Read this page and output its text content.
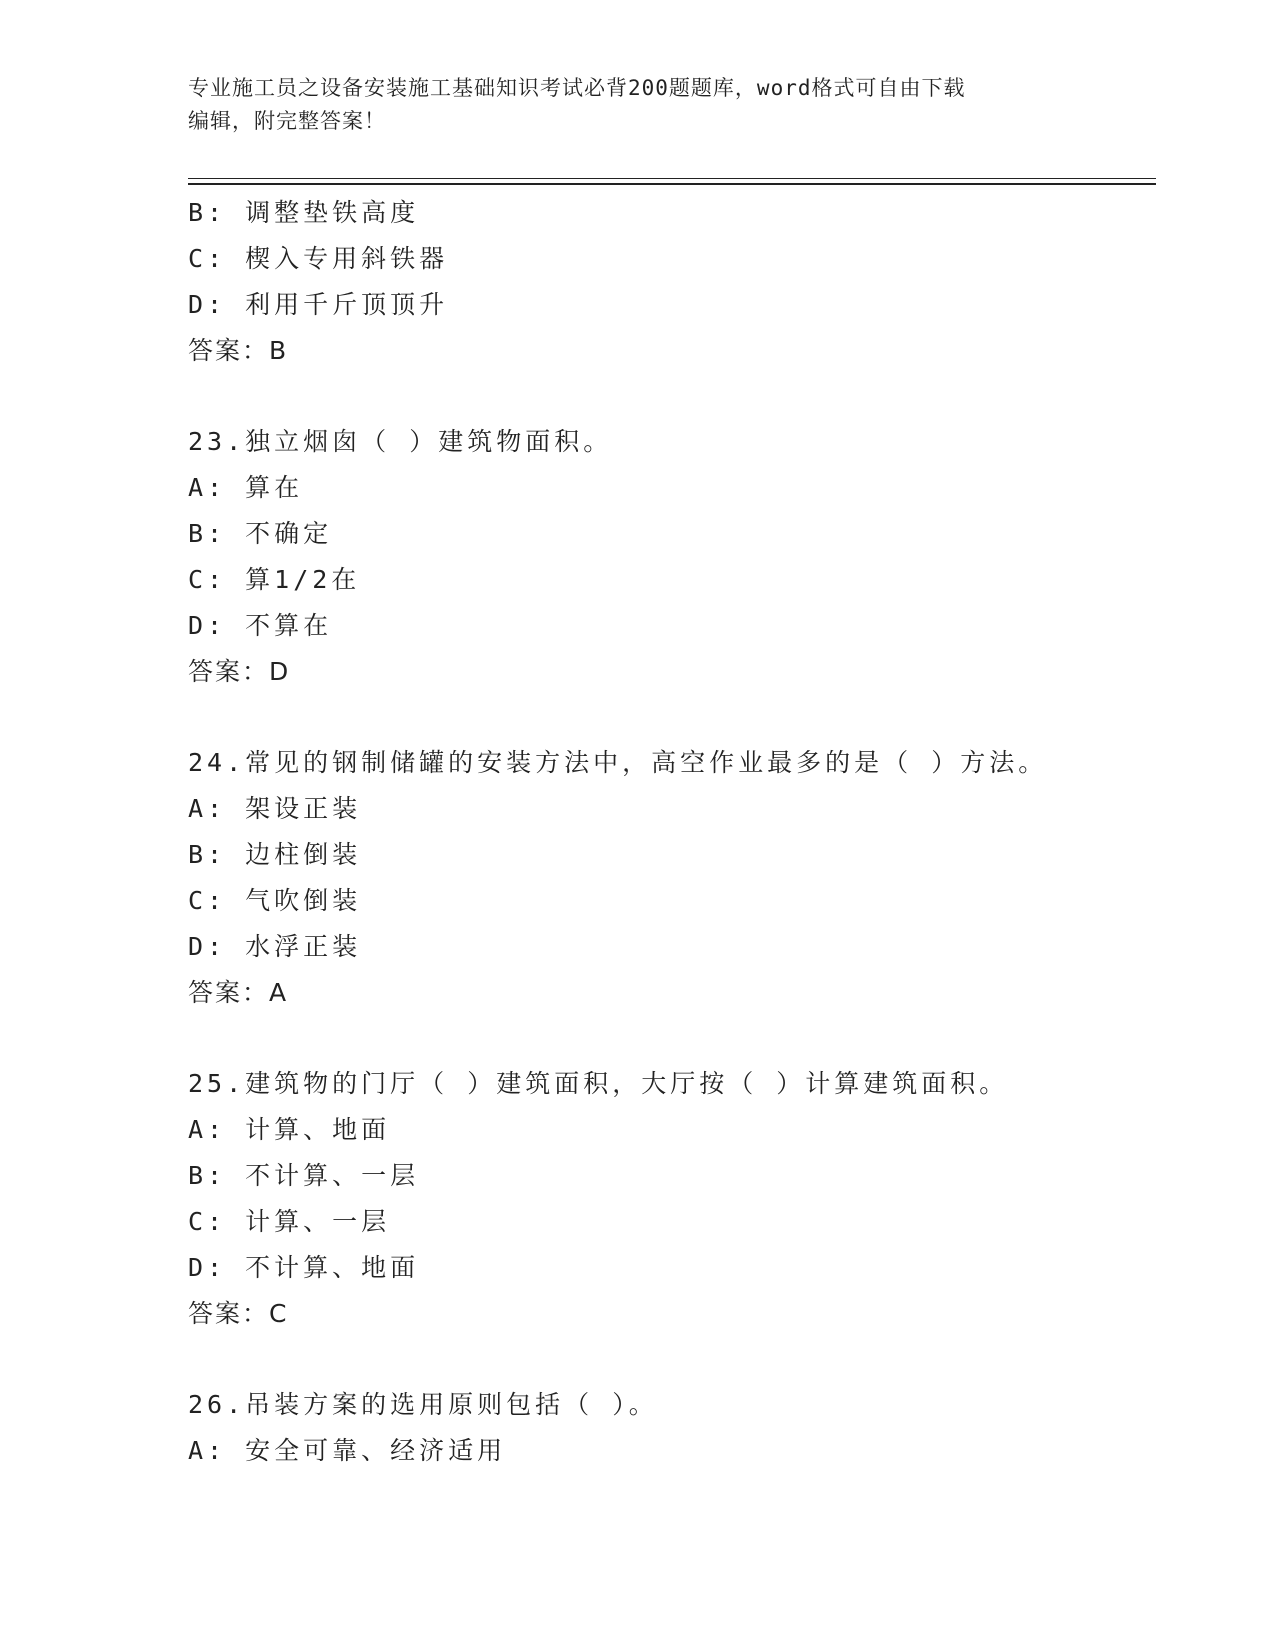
专业施工员之设备安装施工基础知识考试必背200题题库，word格式可自由下载
编辑，附完整答案！
B: 调整垫铁高度
C: 楔入专用斜铁器
D: 利用千斤顶顶升
答案：B
23.独立烟囱（ ）建筑物面积。
A: 算在
B: 不确定
C: 算1/2在
D: 不算在
答案：D
24.常见的钢制储罐的安装方法中，高空作业最多的是（ ）方法。
A: 架设正装
B: 边柱倒装
C: 气吹倒装
D: 水浮正装
答案：A
25.建筑物的门厅（ ）建筑面积，大厅按（ ）计算建筑面积。
A: 计算、地面
B: 不计算、一层
C: 计算、一层
D: 不计算、地面
答案：C
26.吊装方案的选用原则包括（ ）。
A: 安全可靠、经济适用
